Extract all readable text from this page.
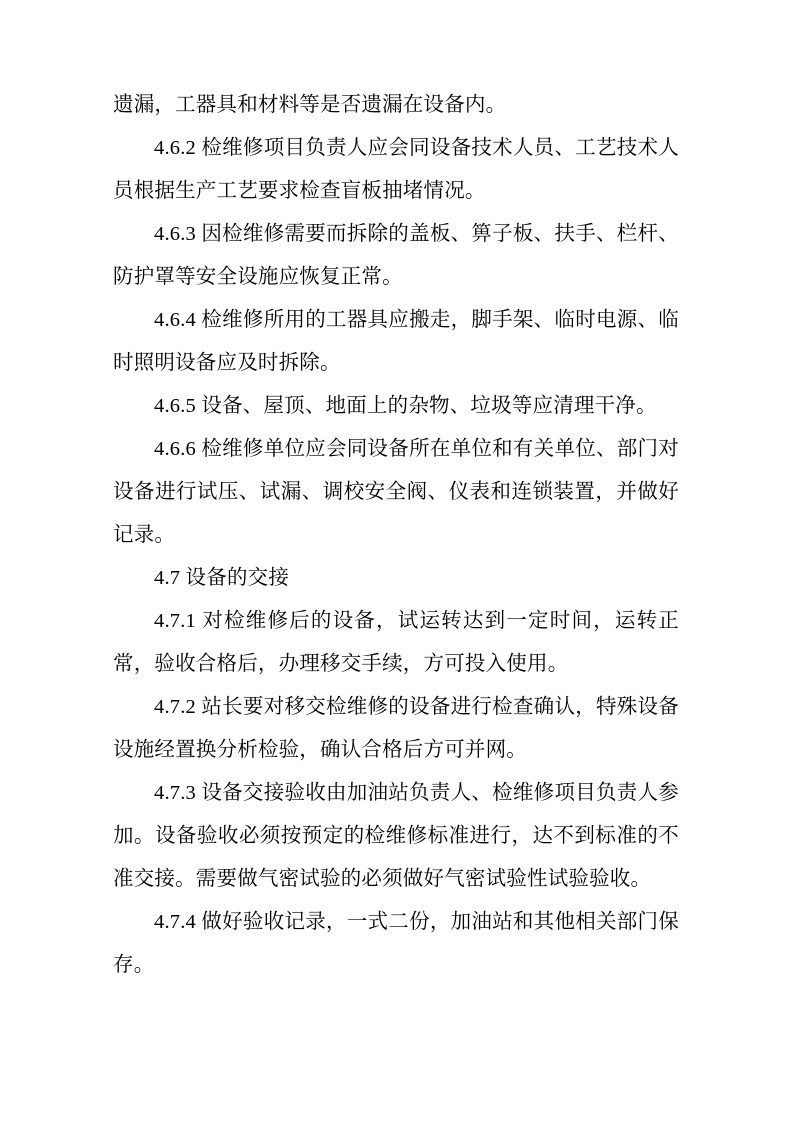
遗漏，工器具和材料等是否遗漏在设备内。

4.6.2 检维修项目负责人应会同设备技术人员、工艺技术人员根据生产工艺要求检查盲板抽堵情况。

4.6.3 因检维修需要而拆除的盖板、箅子板、扶手、栏杆、防护罩等安全设施应恢复正常。

4.6.4 检维修所用的工器具应搬走，脚手架、临时电源、临时照明设备应及时拆除。

4.6.5 设备、屋顶、地面上的杂物、垃圾等应清理干净。

4.6.6 检维修单位应会同设备所在单位和有关单位、部门对设备进行试压、试漏、调校安全阀、仪表和连锁装置，并做好记录。

4.7 设备的交接

4.7.1 对检维修后的设备，试运转达到一定时间，运转正常，验收合格后，办理移交手续，方可投入使用。

4.7.2 站长要对移交检维修的设备进行检查确认，特殊设备设施经置换分析检验，确认合格后方可并网。

4.7.3 设备交接验收由加油站负责人、检维修项目负责人参加。设备验收必须按预定的检维修标准进行，达不到标准的不准交接。需要做气密试验的必须做好气密试验性试验验收。

4.7.4 做好验收记录，一式二份，加油站和其他相关部门保存。
